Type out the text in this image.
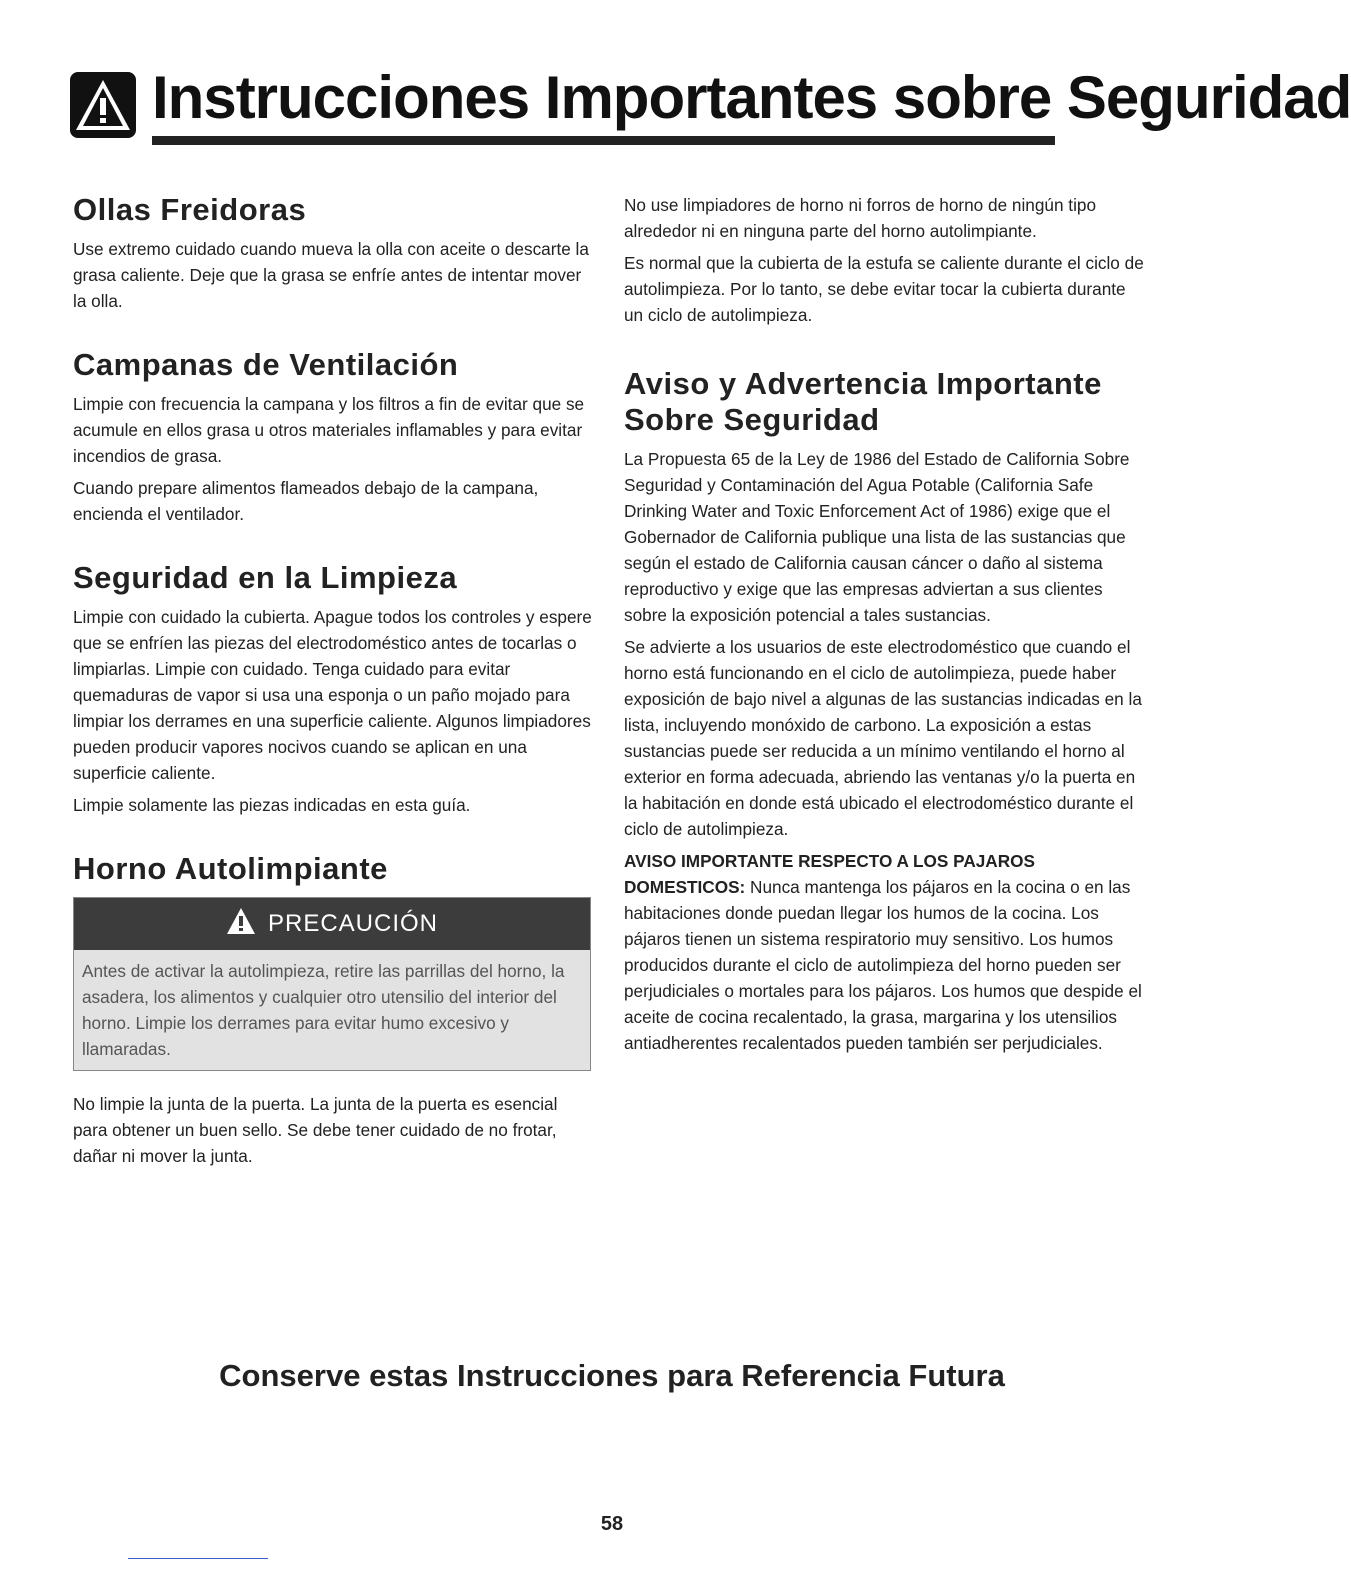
Instrucciones Importantes sobre Seguridad
Ollas Freidoras

Use extremo cuidado cuando mueva la olla con aceite o descarte la grasa caliente. Deje que la grasa se enfríe antes de intentar mover la olla.

Campanas de Ventilación

Limpie con frecuencia la campana y los filtros a fin de evitar que se acumule en ellos grasa u otros materiales inflamables y para evitar incendios de grasa.

Cuando prepare alimentos flameados debajo de la campana, encienda el ventilador.

Seguridad en la Limpieza

Limpie con cuidado la cubierta. Apague todos los controles y espere que se enfríen las piezas del electrodoméstico antes de tocarlas o limpiarlas. Limpie con cuidado. Tenga cuidado para evitar quemaduras de vapor si usa una esponja o un paño mojado para limpiar los derrames en una superficie caliente. Algunos limpiadores pueden producir vapores nocivos cuando se aplican en una superficie caliente.

Limpie solamente las piezas indicadas en esta guía.

Horno Autolimpiante
PRECAUCIÓN

Antes de activar la autolimpieza, retire las parrillas del horno, la asadera, los alimentos y cualquier otro utensilio del interior del horno. Limpie los derrames para evitar humo excesivo y llamaradas.

No limpie la junta de la puerta. La junta de la puerta es esencial para obtener un buen sello. Se debe tener cuidado de no frotar, dañar ni mover la junta.

No use limpiadores de horno ni forros de horno de ningún tipo alrededor ni en ninguna parte del horno autolimpiante.

Es normal que la cubierta de la estufa se caliente durante el ciclo de autolimpieza. Por lo tanto, se debe evitar tocar la cubierta durante un ciclo de autolimpieza.

Aviso y Advertencia Importante Sobre Seguridad

La Propuesta 65 de la Ley de 1986 del Estado de California Sobre Seguridad y Contaminación del Agua Potable (California Safe Drinking Water and Toxic Enforcement Act of 1986) exige que el Gobernador de California publique una lista de las sustancias que según el estado de California causan cáncer o daño al sistema reproductivo y exige que las empresas adviertan a sus clientes sobre la exposición potencial a tales sustancias.

Se advierte a los usuarios de este electrodoméstico que cuando el horno está funcionando en el ciclo de autolimpieza, puede haber exposición de bajo nivel a algunas de las sustancias indicadas en la lista, incluyendo monóxido de carbono. La exposición a estas sustancias puede ser reducida a un mínimo ventilando el horno al exterior en forma adecuada, abriendo las ventanas y/o la puerta en la habitación en donde está ubicado el electrodoméstico durante el ciclo de autolimpieza.

AVISO IMPORTANTE RESPECTO A LOS PAJAROS DOMESTICOS: Nunca mantenga los pájaros en la cocina o en las habitaciones donde puedan llegar los humos de la cocina. Los pájaros tienen un sistema respiratorio muy sensitivo. Los humos producidos durante el ciclo de autolimpieza del horno pueden ser perjudiciales o mortales para los pájaros. Los humos que despide el aceite de cocina recalentado, la grasa, margarina y los utensilios antiadherentes recalentados pueden también ser perjudiciales.

Conserve estas Instrucciones para Referencia Futura
58
